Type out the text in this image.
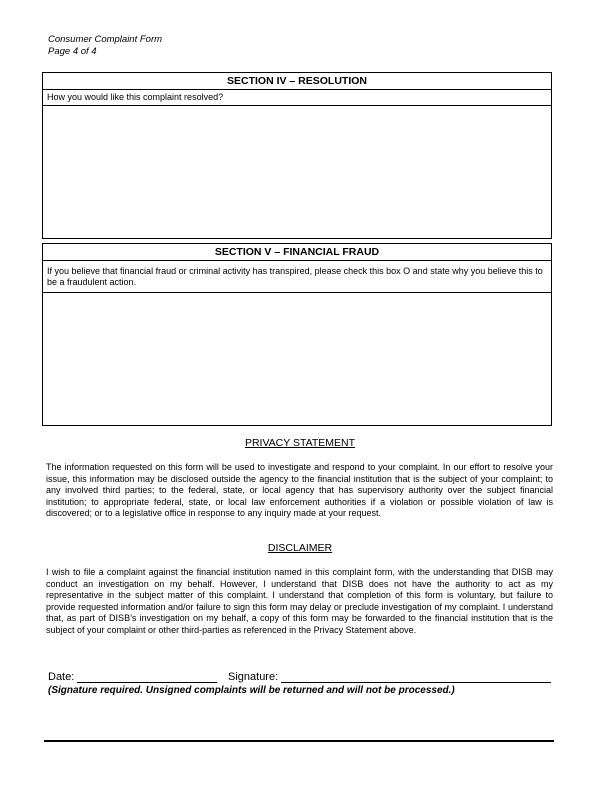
Consumer Complaint Form
Page 4 of 4
SECTION IV – RESOLUTION
How you would like this complaint resolved?
SECTION V – FINANCIAL FRAUD
If you believe that financial fraud or criminal activity has transpired, please check this box O and state why you believe this to be a fraudulent action.
PRIVACY STATEMENT
The information requested on this form will be used to investigate and respond to your complaint. In our effort to resolve your issue, this information may be disclosed outside the agency to the financial institution that is the subject of your complaint; to any involved third parties; to the federal, state, or local agency that has supervisory authority over the subject financial institution; to appropriate federal, state, or local law enforcement authorities if a violation or possible violation of law is discovered; or to a legislative office in response to any inquiry made at your request.
DISCLAIMER
I wish to file a complaint against the financial institution named in this complaint form, with the understanding that DISB may conduct an investigation on my behalf. However, I understand that DISB does not have the authority to act as my representative in the subject matter of this complaint. I understand that completion of this form is voluntary, but failure to provide requested information and/or failure to sign this form may delay or preclude investigation of my complaint. I understand that, as part of DISB’s investigation on my behalf, a copy of this form may be forwarded to the financial institution that is the subject of your complaint or other third-parties as referenced in the Privacy Statement above.
Date:	Signature:
(Signature required. Unsigned complaints will be returned and will not be processed.)
